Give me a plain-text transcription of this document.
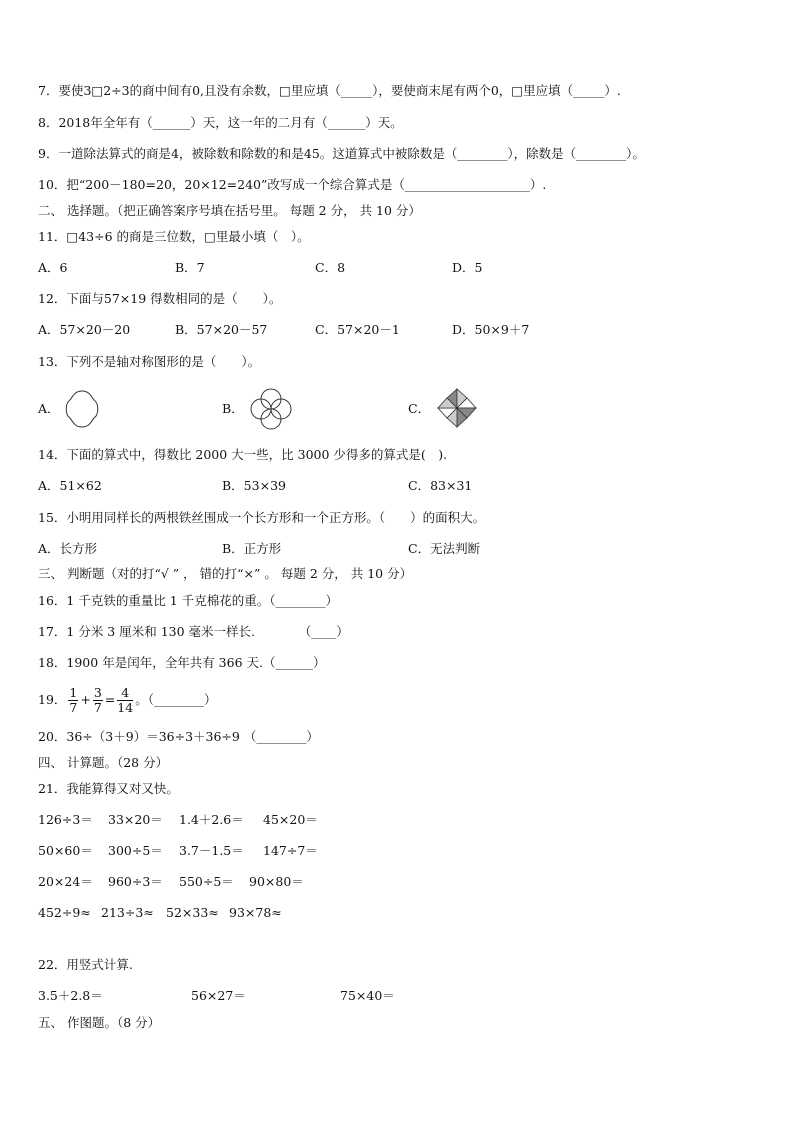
7．要使3□2÷3的商中间有0,且没有余数，□里应填（_____），要使商末尾有两个0，□里应填（_____）.
8．2018年全年有（______）天，这一年的二月有（______）天。
9．一道除法算式的商是4，被除数和除数的和是45。这道算式中被除数是（________），除数是（________）。
10．把“200－180=20，20×12=240”改写成一个综合算式是（____________________）.
二、 选择题。（把正确答案序号填在括号里。 每题 2 分， 共 10 分）
11．□43÷6 的商是三位数，□里最小填（　）。
A．6	B．7	C．8	D．5
12．下面与57×19 得数相同的是（　　）。
A．57×20－20	B．57×20－57	C．57×20－1	D．50×9＋7
13．下列不是轴对称图形的是（　　）。
A．	B．	C．
14．下面的算式中，得数比 2000 大一些，比 3000 少得多的算式是(　).
A．51×62	B．53×39	C．83×31
15．小明用同样长的两根铁丝围成一个长方形和一个正方形。（　　）的面积大。
A．长方形	B．正方形	C．无法判断
三、 判断题（对的打“√ ” ， 错的打“×” 。 每题 2 分， 共 10 分）
16．1 千克铁的重量比 1 千克棉花的重。（________）
17．1 分米 3 厘米和 130 毫米一样长.　　　　（____）
18．1900 年是闰年，全年共有 366 天.（______）
19． $\frac{1}{7} + \frac{3}{7} = \frac{4}{14}$ 。（________）
20．36÷（3＋9）＝36÷3＋36÷9 （________）
四、 计算题。（28 分）
21．我能算得又对又快。
126÷3＝ 33×20＝ 1.4＋2.6＝ 45×20＝
50×60＝ 300÷5＝ 3.7－1.5＝ 147÷7＝
20×24＝ 960÷3＝ 550÷5＝ 90×80＝
452÷9≈ 213÷3≈ 52×33≈ 93×78≈
22．用竖式计算.
3.5＋2.8＝	56×27＝	75×40＝
五、 作图题。（8 分）
